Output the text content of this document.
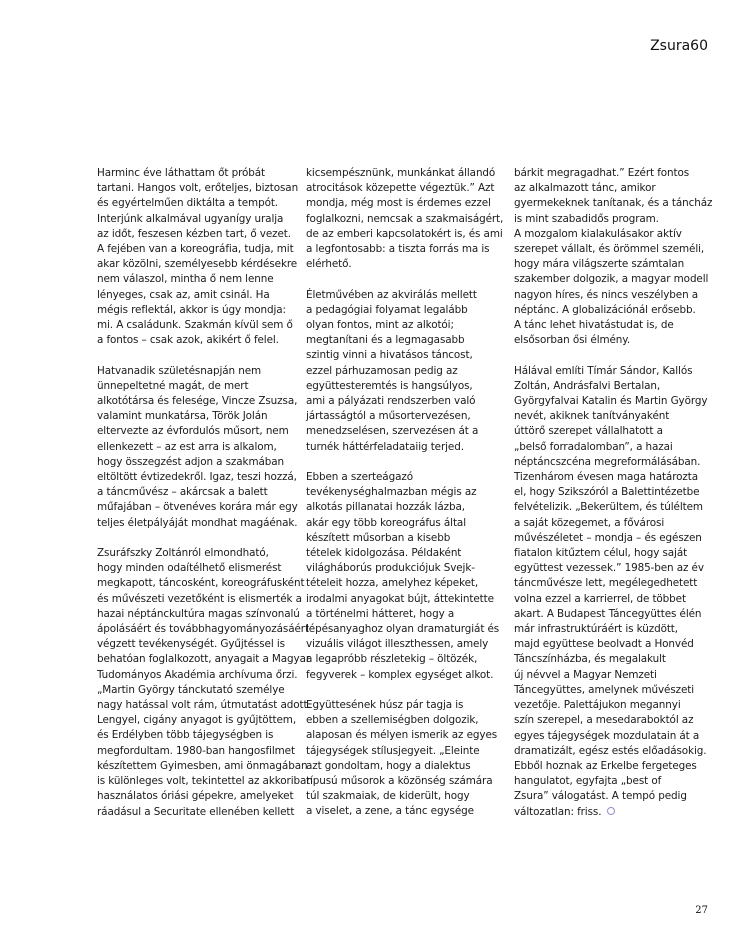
Zsura60
Harminc éve láthattam őt próbát
tartani. Hangos volt, erőteljes, biztosan
és egyértelműen diktálta a tempót.
Interjúnk alkalmával ugyanígy uralja
az időt, feszesen kézben tart, ő vezet.
A fejében van a koreográfia, tudja, mit
akar közölni, személyesebb kérdésekre
nem válaszol, mintha ő nem lenne
lényeges, csak az, amit csinál. Ha
mégis reflektál, akkor is úgy mondja:
mi. A családunk. Szakmán kívül sem ő
a fontos – csak azok, akikért ő felel.
Hatvanadik születésnapján nem
ünnepeltetné magát, de mert
alkotótársa és felesége, Vincze Zsuzsa,
valamint munkatársa, Török Jolán
eltervezte az évfordulós műsort, nem
ellenkezett – az est arra is alkalom,
hogy összegzést adjon a szakmában
eltöltött évtizedekről. Igaz, teszi hozzá,
a táncművész – akárcsak a balett
műfajában – ötvenéves korára már egy
teljes életpályáját mondhat magáénak.
Zsuráfszky Zoltánról elmondható,
hogy minden odaítélhető elismerést
megkapott, táncosként, koreográfusként
és művészeti vezetőként is elismerték a
hazai néptánckultúra magas színvonalú
ápolásáért és továbbhagyományozásáért
végzett tevékenységét. Gyűjtéssel is
behatóan foglalkozott, anyagait a Magyar
Tudományos Akadémia archívuma őrzi.
„Martin György tánckutató személye
nagy hatással volt rám, útmutatást adott.
Lengyel, cigány anyagot is gyűjtöttem,
és Erdélyben több tájegységben is
megfordultam. 1980-ban hangosfilmet
készítettem Gyimesben, ami önmagában
is különleges volt, tekintettel az akkoriban
használatos óriási gépekre, amelyeket
ráadásul a Securitate ellenében kellett
kicsempésznünk, munkánkat állandó
atrocitások közepette végeztük.” Azt
mondja, még most is érdemes ezzel
foglalkozni, nemcsak a szakmaiságért,
de az emberi kapcsolatokért is, és ami
a legfontosabb: a tiszta forrás ma is
elérhető.
Életművében az akvirálás mellett
a pedagógiai folyamat legalább
olyan fontos, mint az alkotói;
megtanítani és a legmagasabb
szintig vinni a hivatásos táncost,
ezzel párhuzamosan pedig az
együttesteremtés is hangsúlyos,
ami a pályázati rendszerben való
jártasságtól a műsortervezésen,
menedzselésen, szervezésen át a
turnék háttérfeladataiig terjed.
Ebben a szerteágazó
tevékenységhalmazban mégis az
alkotás pillanatai hozzák lázba,
akár egy több koreográfus által
készített műsorban a kisebb
tételek kidolgozása. Példaként
világháborús produkciójuk Svejk-
tételeit hozza, amelyhez képeket,
irodalmi anyagokat bújt, áttekintette
a történelmi hátteret, hogy a
lépésanyaghoz olyan dramaturgiát és
vizuális világot illeszthessen, amely
a legapróbb részletekig – öltözék,
fegyverek – komplex egységet alkot.
Együttesének húsz pár tagja is
ebben a szellemiségben dolgozik,
alaposan és mélyen ismerik az egyes
tájegységek stílusjegyeit. „Eleinte
azt gondoltam, hogy a dialektus
típusú műsorok a közönség számára
túl szakmaiak, de kiderült, hogy
a viselet, a zene, a tánc egysége
bárkit megragadhat.” Ezért fontos
az alkalmazott tánc, amikor
gyermekeknek tanítanak, és a táncház
is mint szabadidős program.
A mozgalom kialakulásakor aktív
szerepet vállalt, és örömmel személi,
hogy mára világszerte számtalan
szakember dolgozik, a magyar modell
nagyon híres, és nincs veszélyben a
néptánc. A globalizációnál erősebb.
A tánc lehet hivatástudat is, de
elsősorban ősi élmény.
Hálával említi Tímár Sándor, Kallós
Zoltán, Andrásfalvi Bertalan,
Györgyfalvai Katalin és Martin György
nevét, akiknek tanítványaként
úttörő szerepet vállalhatott a
„belső forradalomban”, a hazai
néptáncszcéna megreformálásában.
Tizenhárom évesen maga határozta
el, hogy Szikszóról a Balettintézetbe
felvételizik. „Bekerültem, és túléltem
a saját közegemet, a fővárosi
művészéletet – mondja – és egészen
fiatalon kitűztem célul, hogy saját
együttest vezessek.” 1985-ben az év
táncművésze lett, megélegedhetett
volna ezzel a karrierrel, de többet
akart. A Budapest Táncegyüttes élén
már infrastruktúráért is küzdött,
majd együttese beolvadt a Honvéd
Táncszínházba, és megalakult
új névvel a Magyar Nemzeti
Táncegyüttes, amelynek művészeti
vezetője. Palettájukon megannyi
szín szerepel, a mesedaraboktól az
egyes tájegységek mozdulatain át a
dramatizált, egész estés előadásokig.
Ebből hoznak az Erkelbe fergeteges
hangulatot, egyfajta „best of
Zsura” válogatást. A tempó pedig
változatlan: friss.
27
